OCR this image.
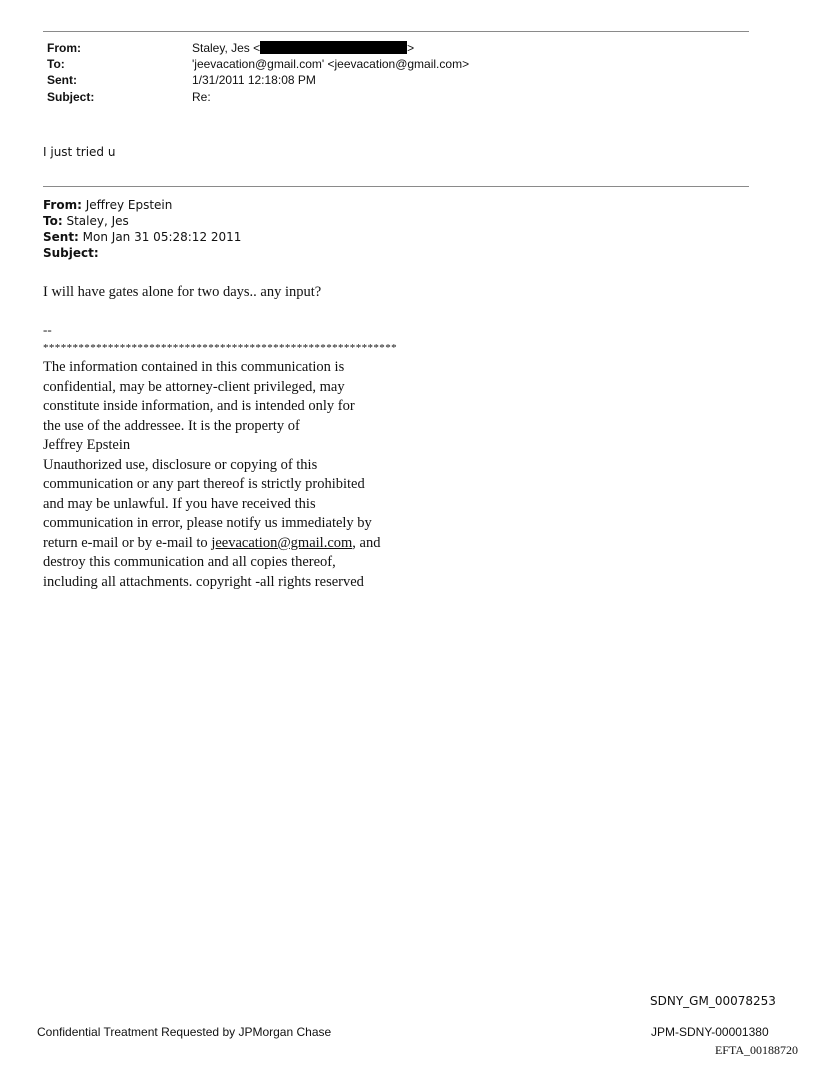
From:	Staley, Jes <	>
To:	'jeevacation@gmail.com' <jeevacation@gmail.com>
Sent:	1/31/2011 12:18:08 PM
Subject:	Re:
I just tried u
From: Jeffrey Epstein
To: Staley, Jes
Sent: Mon Jan 31 05:28:12 2011
Subject:
I will have gates alone for two days.. any input?
--
************************************************************
The information contained in this communication is
confidential, may be attorney-client privileged, may
constitute inside information, and is intended only for
the use of the addressee. It is the property of
Jeffrey Epstein
Unauthorized use, disclosure or copying of this
communication or any part thereof is strictly prohibited
and may be unlawful. If you have received this
communication in error, please notify us immediately by
return e-mail or by e-mail to jeevacation@gmail.com, and
destroy this communication and all copies thereof,
including all attachments. copyright -all rights reserved
SDNY_GM_00078253
Confidential Treatment Requested by JPMorgan Chase	JPM-SDNY-00001380
EFTA_00188720
